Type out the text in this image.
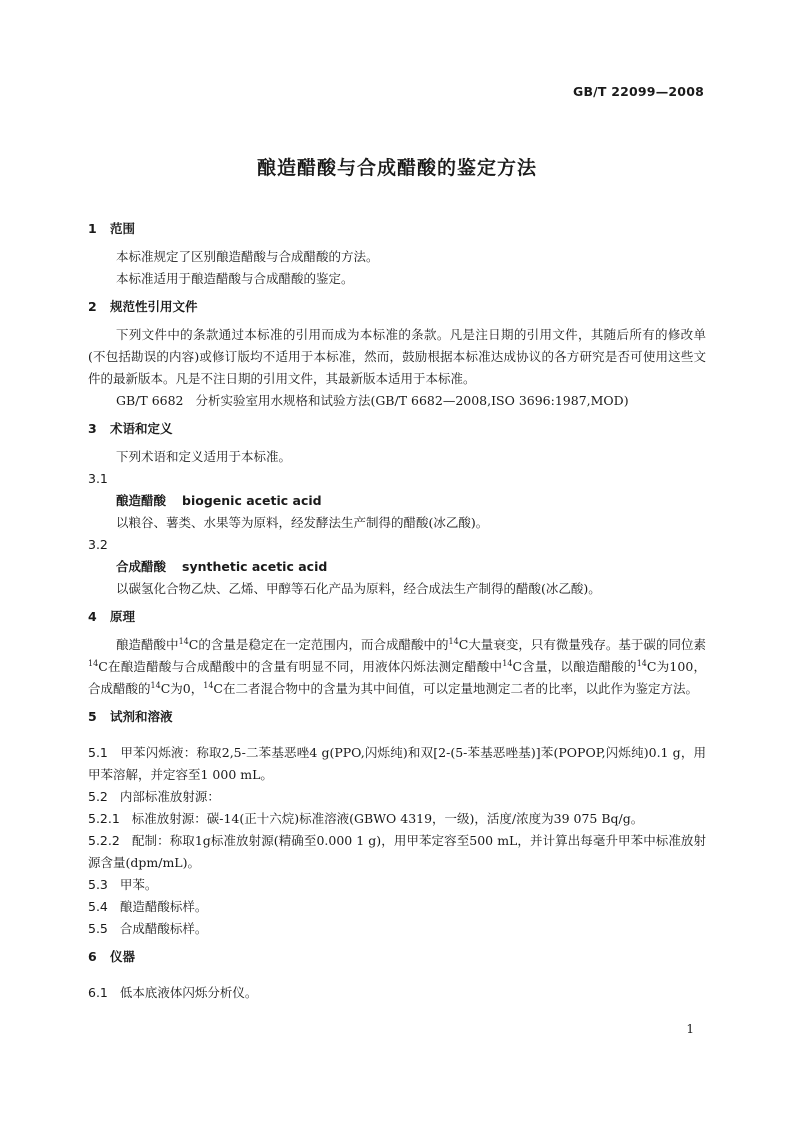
GB/T 22099—2008
酿造醋酸与合成醋酸的鉴定方法
1 范围

本标准规定了区别酿造醋酸与合成醋酸的方法。

本标准适用于酿造醋酸与合成醋酸的鉴定。

2 规范性引用文件

下列文件中的条款通过本标准的引用而成为本标准的条款。凡是注日期的引用文件，其随后所有的修改单(不包括勘误的内容)或修订版均不适用于本标准，然而，鼓励根据本标准达成协议的各方研究是否可使用这些文件的最新版本。凡是不注日期的引用文件，其最新版本适用于本标准。

GB/T 6682 分析实验室用水规格和试验方法(GB/T 6682—2008,ISO 3696:1987,MOD)

3 术语和定义

下列术语和定义适用于本标准。

3.1
酿造醋酸 biogenic acetic acid

以粮谷、薯类、水果等为原料，经发酵法生产制得的醋酸(冰乙酸)。

3.2
合成醋酸 synthetic acetic acid

以碳氢化合物乙炔、乙烯、甲醇等石化产品为原料，经合成法生产制得的醋酸(冰乙酸)。

4 原理

酿造醋酸中$^{14}$C的含量是稳定在一定范围内，而合成醋酸中的$^{14}$C大量衰变，只有微量残存。基于碳的同位素$^{14}$C在酿造醋酸与合成醋酸中的含量有明显不同，用液体闪烁法测定醋酸中$^{14}$C含量，以酿造醋酸的$^{14}$C为100，合成醋酸的$^{14}$C为0，$^{14}$C在二者混合物中的含量为其中间值，可以定量地测定二者的比率，以此作为鉴定方法。

5 试剂和溶液

5.1 甲苯闪烁液：称取2,5-二苯基恶唑4 g(PPO,闪烁纯)和双[2-(5-苯基恶唑基)]苯(POPOP,闪烁纯)0.1 g，用甲苯溶解，并定容至1 000 mL。

5.2 内部标准放射源：

5.2.1 标准放射源：碳-14(正十六烷)标准溶液(GBWO 4319，一级)，活度/浓度为39 075 Bq/g。

5.2.2 配制：称取1g标准放射源(精确至0.000 1 g)，用甲苯定容至500 mL，并计算出每毫升甲苯中标准放射源含量(dpm/mL)。

5.3 甲苯。

5.4 酿造醋酸标样。

5.5 合成醋酸标样。

6 仪器

6.1 低本底液体闪烁分析仪。

1
